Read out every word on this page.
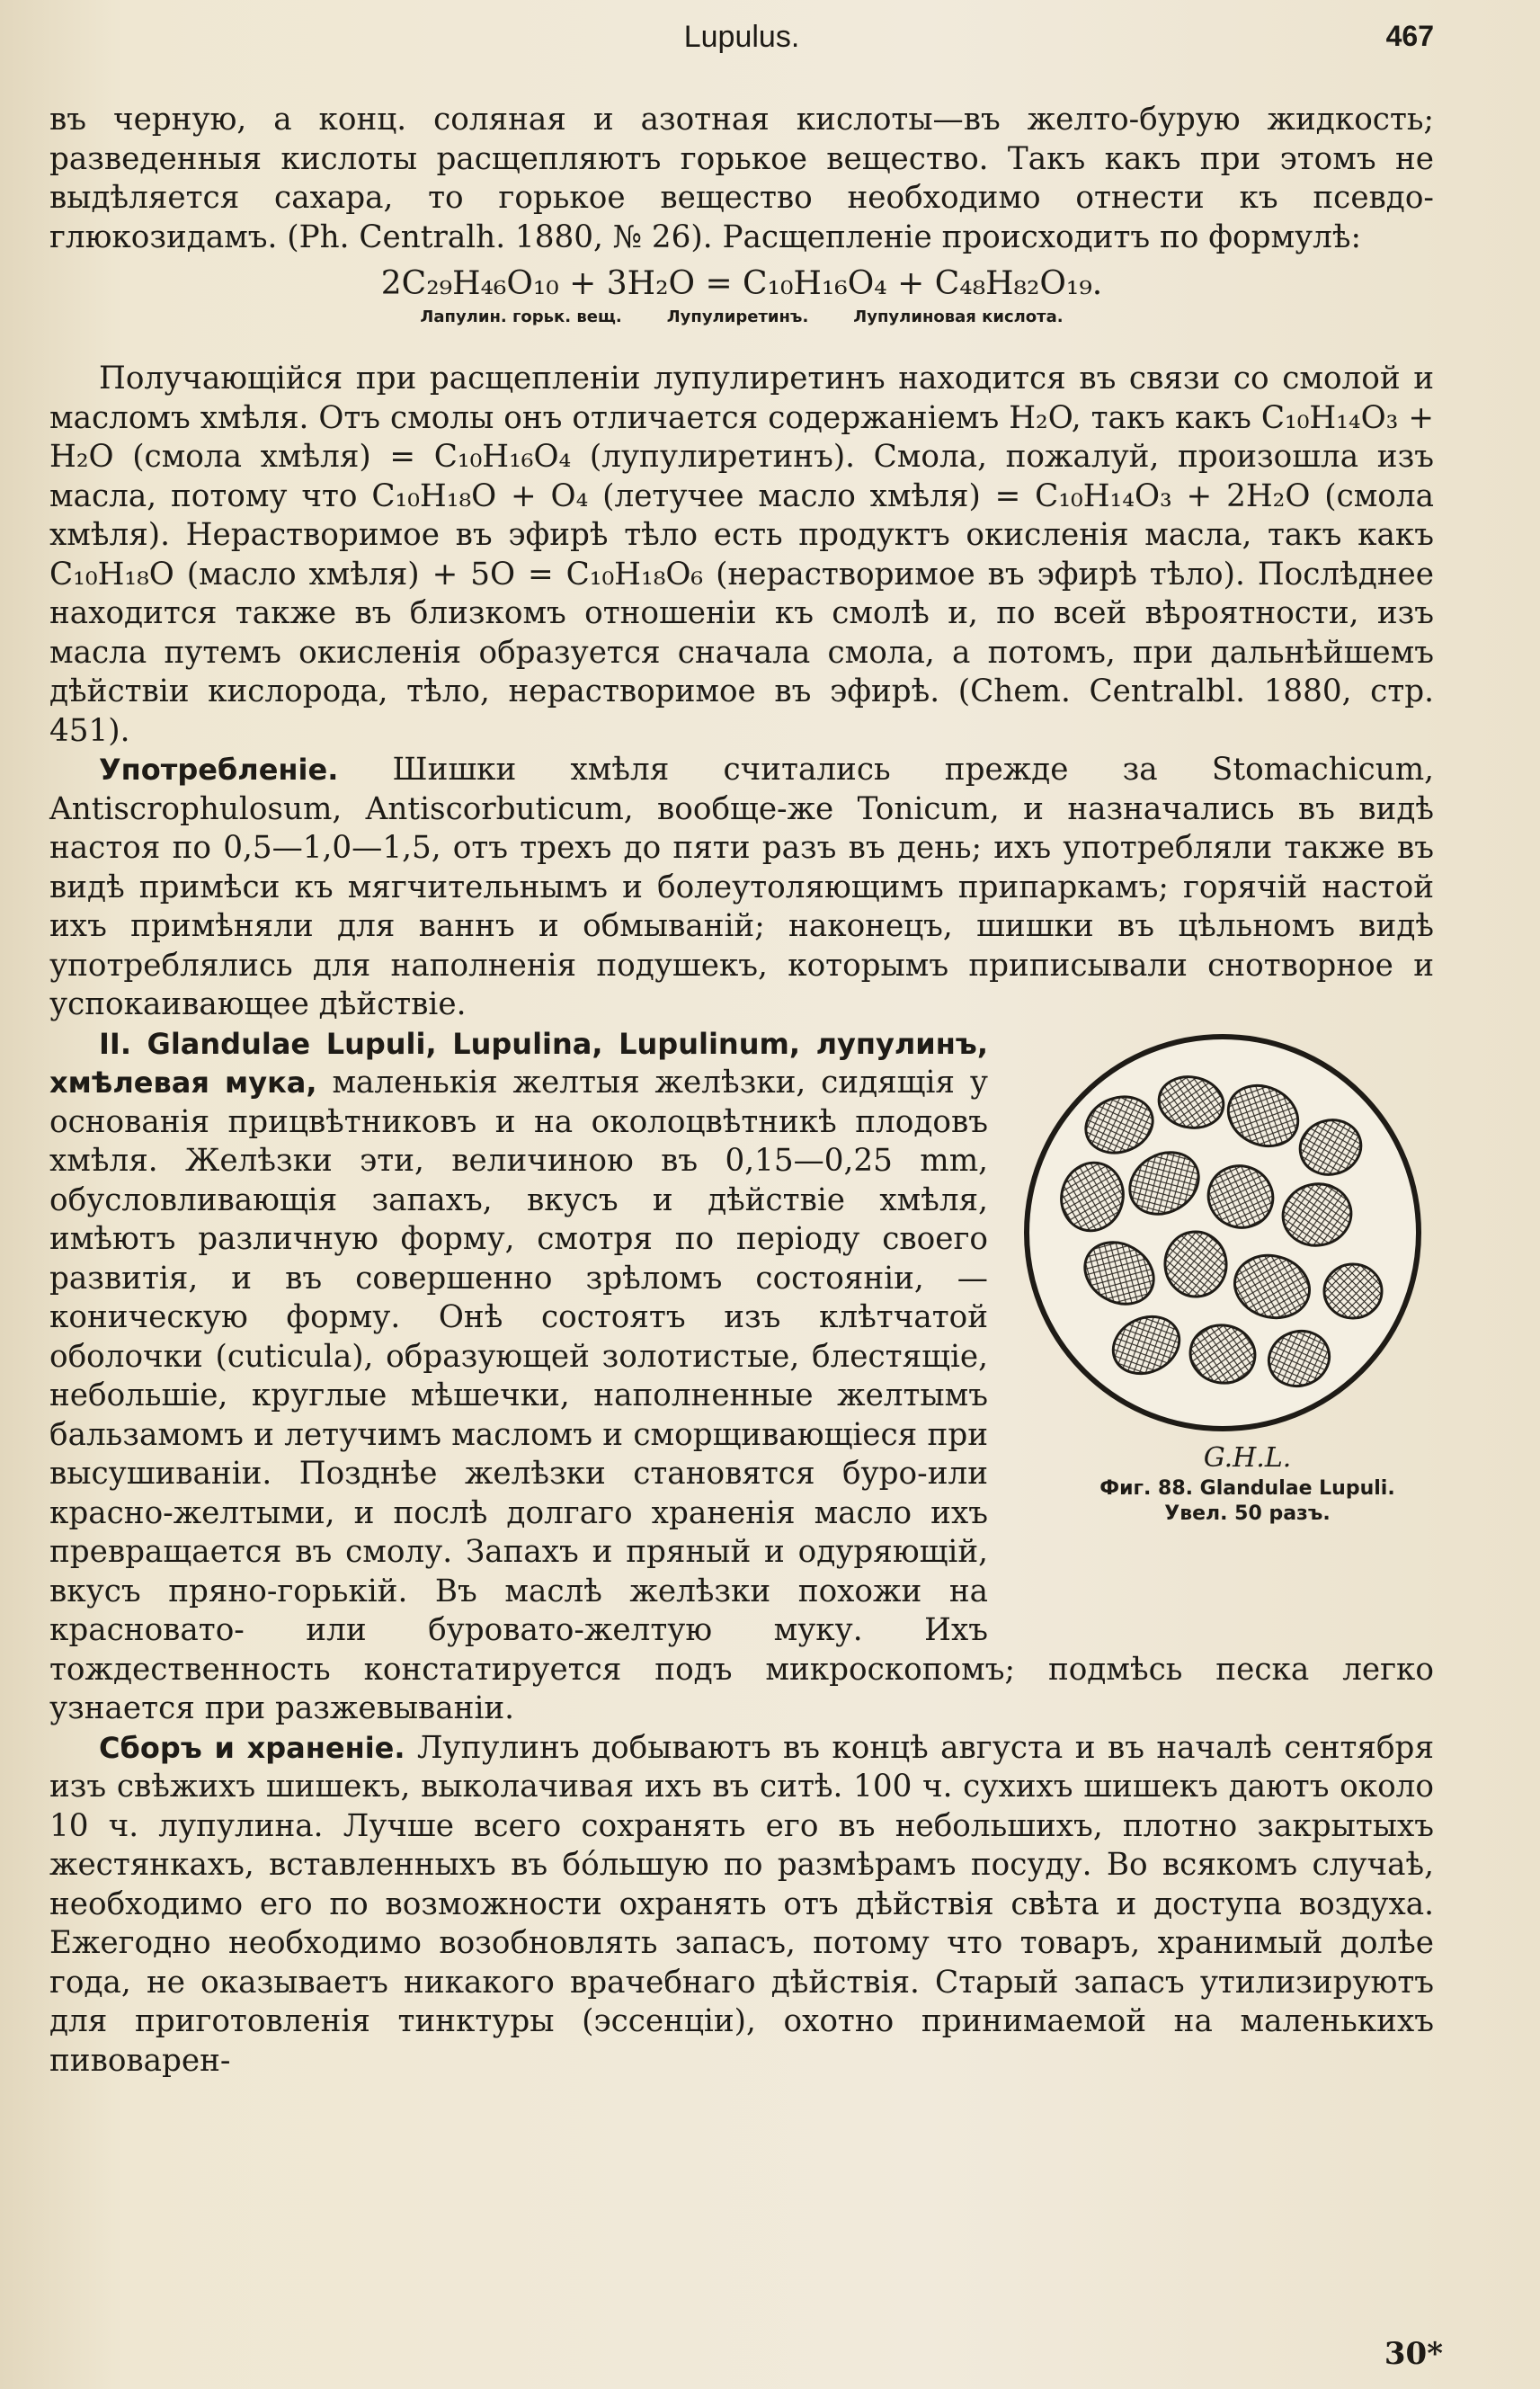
Lupulus.	467

въ черную, а конц. соляная и азотная кислоты—въ желто-бурую жидкость; разведенныя кислоты расщепляютъ горькое вещество. Такъ какъ при этомъ не выдѣляется сахара, то горькое вещество необходимо отнести къ псевдо-глюкозидамъ. (Ph. Centralh. 1880, № 26). Расщепленіе происходитъ по формулѣ:

2C₂₉H₄₆O₁₀ + 3H₂O = C₁₀H₁₆O₄ + C₄₈H₈₂O₁₉.
Лапулин. горьк. вещ.	Лупулиретинъ.	Лупулиновая кислота.

Получающійся при расщепленіи лупулиретинъ находится въ связи со смолой и масломъ хмѣля. Отъ смолы онъ отличается содержаніемъ H₂O, такъ какъ C₁₀H₁₄O₃ + H₂O (смола хмѣля) = C₁₀H₁₆O₄ (лупулиретинъ). Смола, пожалуй, произошла изъ масла, потому что C₁₀H₁₈O + O₄ (летучее масло хмѣля) = C₁₀H₁₄O₃ + 2H₂O (смола хмѣля). Нерастворимое въ эфирѣ тѣло есть продуктъ окисленія масла, такъ какъ C₁₀H₁₈O (масло хмѣля) + 5O = C₁₀H₁₈O₆ (нерастворимое въ эфирѣ тѣло). Послѣднее находится также въ близкомъ отношеніи къ смолѣ и, по всей вѣроятности, изъ масла путемъ окисленія образуется сначала смола, а потомъ, при дальнѣйшемъ дѣйствіи кислорода, тѣло, нерастворимое въ эфирѣ. (Chem. Centralbl. 1880, стр. 451).

Употребленіе. Шишки хмѣля считались прежде за Stomachicum, Antiscrophulosum, Antiscorbuticum, вообще-же Tonicum, и назначались въ видѣ настоя по 0,5—1,0—1,5, отъ трехъ до пяти разъ въ день; ихъ употребляли также въ видѣ примѣси къ мягчительнымъ и болеутоляющимъ припаркамъ; горячій настой ихъ примѣняли для ваннъ и обмываній; наконецъ, шишки въ цѣльномъ видѣ употреблялись для наполненія подушекъ, которымъ приписывали снотворное и успокаивающее дѣйствіе.

G.H.L.
Фиг. 88. Glandulae Lupuli.
Увел. 50 разъ.
II. Glandulae Lupuli, Lupulina, Lupulinum, лупулинъ, хмѣлевая мука, маленькія желтыя желѣзки, сидящія у основанія прицвѣтниковъ и на околоцвѣтникѣ плодовъ хмѣля. Желѣзки эти, величиною въ 0,15—0,25 mm, обусловливающія запахъ, вкусъ и дѣйствіе хмѣля, имѣютъ различную форму, смотря по періоду своего развитія, и въ совершенно зрѣломъ состояніи, — коническую форму. Онѣ состоятъ изъ клѣтчатой оболочки (cuticula), образующей золотистые, блестящіе, небольшіе, круглые мѣшечки, наполненные желтымъ бальзамомъ и летучимъ масломъ и сморщивающіеся при высушиваніи. Позднѣе желѣзки становятся буро-или красно-желтыми, и послѣ долгаго храненія масло ихъ превращается въ смолу. Запахъ и пряный и одуряющій, вкусъ пряно-горькій. Въ маслѣ желѣзки похожи на красновато- или буровато-желтую муку. Ихъ тождественность констатируется подъ микроскопомъ; подмѣсь песка легко узнается при разжевываніи.

Сборъ и храненіе. Лупулинъ добываютъ въ концѣ августа и въ началѣ сентября изъ свѣжихъ шишекъ, выколачивая ихъ въ ситѣ. 100 ч. сухихъ шишекъ даютъ около 10 ч. лупулина. Лучше всего сохранять его въ небольшихъ, плотно закрытыхъ жестянкахъ, вставленныхъ въ бо́льшую по размѣрамъ посуду. Во всякомъ случаѣ, необходимо его по возможности охранять отъ дѣйствія свѣта и доступа воздуха. Ежегодно необходимо возобновлять запасъ, потому что товаръ, хранимый долѣе года, не оказываетъ никакого врачебнаго дѣйствія. Старый запасъ утилизируютъ для приготовленія тинктуры (эссенціи), охотно принимаемой на маленькихъ пивоварен-

30*
